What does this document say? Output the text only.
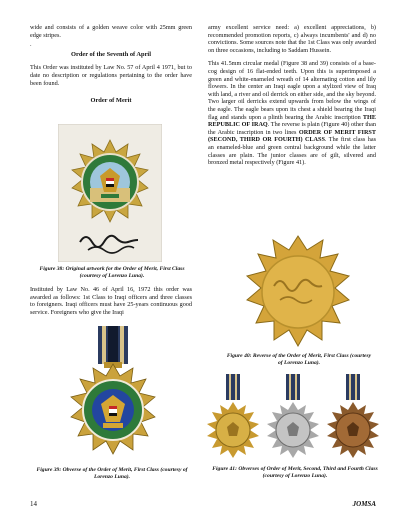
wide and consists of a golden weave color with 25mm green edge stripes.

.

Order of the Seventh of April

This Order was instituted by Law No. 57 of April 4 1971, but to date no description or regulations pertaining to the order have been found.

Order of Merit
Figure 38: Original artwork for the Order of Merit, First Class (courtesy of Lorenzo Luna).

Instituted by Law No. 46 of April 16, 1972 this order was awarded as follows: 1st Class to Iraqi officers and three classes to foreigners. Iraqi officers must have 25-years continuous good service. Foreigners who give the Iraqi

Figure 39: Obverse of the Order of Merit, First Class (courtesy of Lorenzo Luna).

army excellent service need: a) excellent appreciations, b) recommended promotion reports, c) always incumbents' and d) no convictions. Some sources note that the 1st Class was only awarded on three occasions, including to Saddam Hussein.

This 41.5mm circular medal (Figure 38 and 39) consists of a base-cog design of 16 flat-ended teeth. Upon this is superimposed a green and white-enameled wreath of 14 alternating cotton and lily flowers. In the center an Iraqi eagle upon a stylized view of Iraq with land, a river and oil derrick on either side, and the sky beyond. Two larger oil derricks extend upwards from below the wings of the eagle. The eagle bears upon its chest a shield bearing the Iraqi flag and stands upon a plinth bearing the Arabic inscription THE REPUBLIC OF IRAQ. The reverse is plain (Figure 40) other than the Arabic inscription in two lines ORDER OF MERIT FIRST (SECOND, THIRD OR FOURTH) CLASS. The first class has an enameled-blue and green central background while the latter classes are plain. The junior classes are of gilt, silvered and bronzed metal respectively (Figure 41).

Figure 40: Reverse of the Order of Merit, First Class (courtesy of Lorenzo Luna).
Figure 41: Obverses of Order of Merit, Second, Third and Fourth Class (courtesy of Lorenzo Luna).
14	JOMSA
